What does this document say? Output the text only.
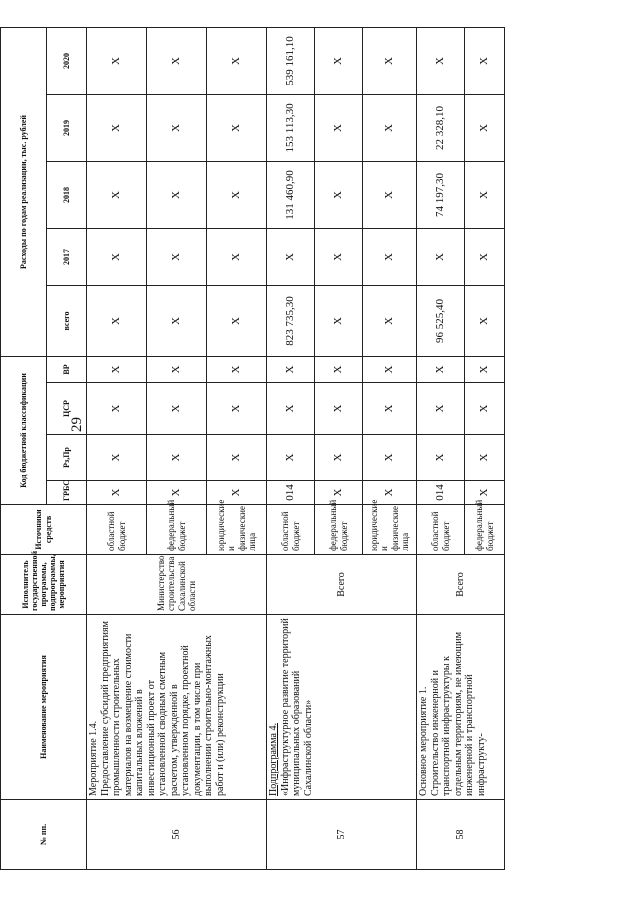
29
№ пп.	Наименование мероприятия	Исполнитель государственной программы, подпрограммы, мероприятия	Источники средств	Код бюджетной классификации				Расходы по годам реализации, тыс. рублей				
				ГРБС	Рз,Пр	ЦСР	ВР	всего	2017	2018	2019	2020
56	Мероприятие 1.4. Предоставление субсидий предприятиям промышленности строительных материалов на возмещение стоимости капитальных вложений в инвестиционный проект от установленной сводным сметным расчетом, утвержденной в установленном порядке, проектной документации, в том числе при выполнении строительно-монтажных работ и (или) реконструкции	Министерство строительства Сахалинской области	областной бюджет	X	X	X	X	X	X	X	X	X
			федеральный бюджет	X	X	X	X	X	X	X	X	X
			юридические и физические лица	X	X	X	X	X	X	X	X	X
57	Подпрограмма 4. «Инфраструктурное развитие территорий муниципальных образований Сахалинской области»	Всего	областной бюджет	014	X	X	X	823 735,30	X	131 460,90	153 113,30	539 161,10
			федеральный бюджет	X	X	X	X	X	X	X	X	X
			юридические и физические лица	X	X	X	X	X	X	X	X	X
58	Основное мероприятие 1. Строительство инженерной и транспортной инфраструктуры к отдельным территориям, не имеющим инженерной и транспортной инфраструкту-	Всего	областной бюджет	014	X	X	X	96 525,40	X	74 197,30	22 328,10	X
			федеральный бюджет	X	X	X	X	X	X	X	X	X
